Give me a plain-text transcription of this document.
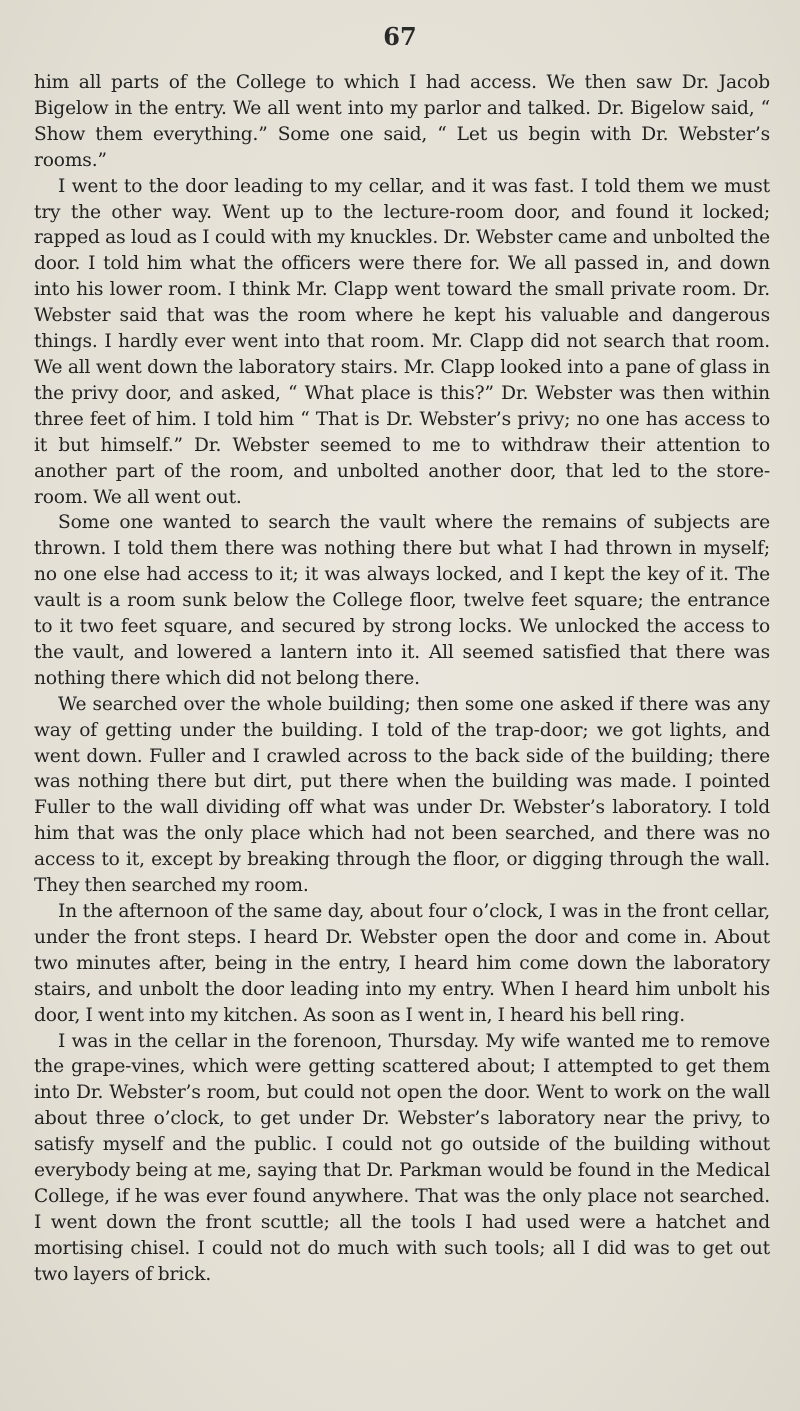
67

him all parts of the College to which I had access. We then saw Dr. Jacob Bigelow in the entry. We all went into my parlor and talked. Dr. Bigelow said, “ Show them everything.” Some one said, “ Let us begin with Dr. Webster’s rooms.”

I went to the door leading to my cellar, and it was fast. I told them we must try the other way. Went up to the lecture-room door, and found it locked; rapped as loud as I could with my knuckles. Dr. Webster came and unbolted the door. I told him what the officers were there for. We all passed in, and down into his lower room. I think Mr. Clapp went toward the small private room. Dr. Webster said that was the room where he kept his valuable and dangerous things. I hardly ever went into that room. Mr. Clapp did not search that room. We all went down the laboratory stairs. Mr. Clapp looked into a pane of glass in the privy door, and asked, “ What place is this?” Dr. Webster was then within three feet of him. I told him “ That is Dr. Webster’s privy; no one has access to it but himself.” Dr. Webster seemed to me to withdraw their attention to another part of the room, and unbolted another door, that led to the store-room. We all went out.

Some one wanted to search the vault where the remains of subjects are thrown. I told them there was nothing there but what I had thrown in myself; no one else had access to it; it was always locked, and I kept the key of it. The vault is a room sunk below the College floor, twelve feet square; the entrance to it two feet square, and secured by strong locks. We unlocked the access to the vault, and lowered a lantern into it. All seemed satisfied that there was nothing there which did not belong there.

We searched over the whole building; then some one asked if there was any way of getting under the building. I told of the trap-door; we got lights, and went down. Fuller and I crawled across to the back side of the building; there was nothing there but dirt, put there when the building was made. I pointed Fuller to the wall dividing off what was under Dr. Webster’s laboratory. I told him that was the only place which had not been searched, and there was no access to it, except by breaking through the floor, or digging through the wall. They then searched my room.

In the afternoon of the same day, about four o’clock, I was in the front cellar, under the front steps. I heard Dr. Webster open the door and come in. About two minutes after, being in the entry, I heard him come down the laboratory stairs, and unbolt the door leading into my entry. When I heard him unbolt his door, I went into my kitchen. As soon as I went in, I heard his bell ring.

I was in the cellar in the forenoon, Thursday. My wife wanted me to remove the grape-vines, which were getting scattered about; I attempted to get them into Dr. Webster’s room, but could not open the door. Went to work on the wall about three o’clock, to get under Dr. Webster’s laboratory near the privy, to satisfy myself and the public. I could not go outside of the building without everybody being at me, saying that Dr. Parkman would be found in the Medical College, if he was ever found anywhere. That was the only place not searched. I went down the front scuttle; all the tools I had used were a hatchet and mortising chisel. I could not do much with such tools; all I did was to get out two layers of brick.
